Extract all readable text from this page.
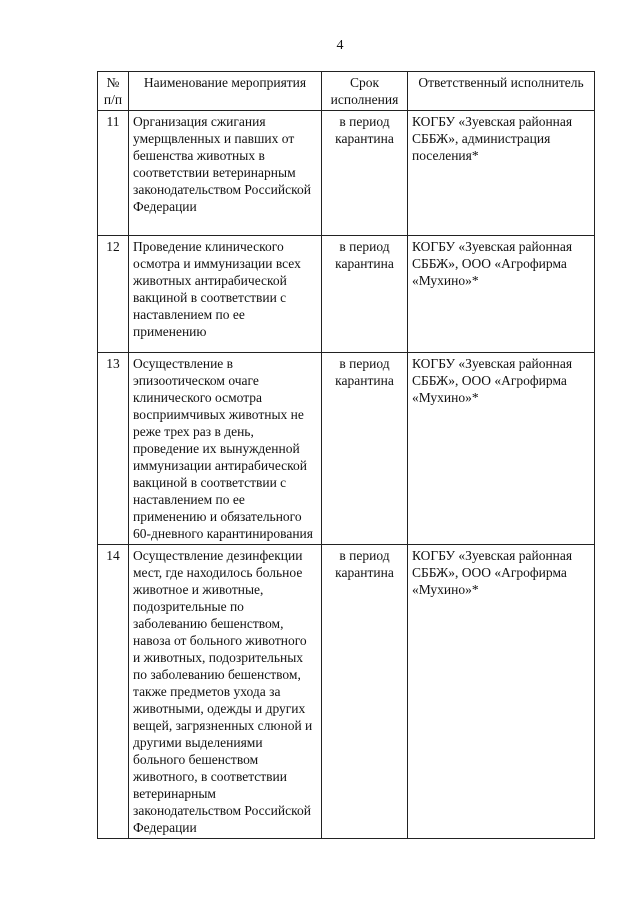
4
№ п/п	Наименование мероприятия	Срок исполнения	Ответственный исполнитель
11	Организация сжигания умерщвленных и павших от бешенства животных в соответствии ветеринарным законодательством Российской Федерации	в период карантина	КОГБУ «Зуевская районная СББЖ», администрация поселения*
12	Проведение клинического осмотра и иммунизации всех животных антирабической вакциной в соответствии с наставлением по ее применению	в период карантина	КОГБУ «Зуевская районная СББЖ», ООО «Агрофирма «Мухино»*
13	Осуществление в эпизоотическом очаге клинического осмотра восприимчивых животных не реже трех раз в день, проведение их вынужденной иммунизации антирабической вакциной в соответствии с наставлением по ее применению и обязательного 60-дневного карантинирования	в период карантина	КОГБУ «Зуевская районная СББЖ», ООО «Агрофирма «Мухино»*
14	Осуществление дезинфекции мест, где находилось больное животное и животные, подозрительные по заболеванию бешенством, навоза от больного животного и животных, подозрительных по заболеванию бешенством, также предметов ухода за животными, одежды и других вещей, загрязненных слюной и другими выделениями больного бешенством животного, в соответствии ветеринарным законодательством Российской Федерации	в период карантина	КОГБУ «Зуевская районная СББЖ», ООО «Агрофирма «Мухино»*
